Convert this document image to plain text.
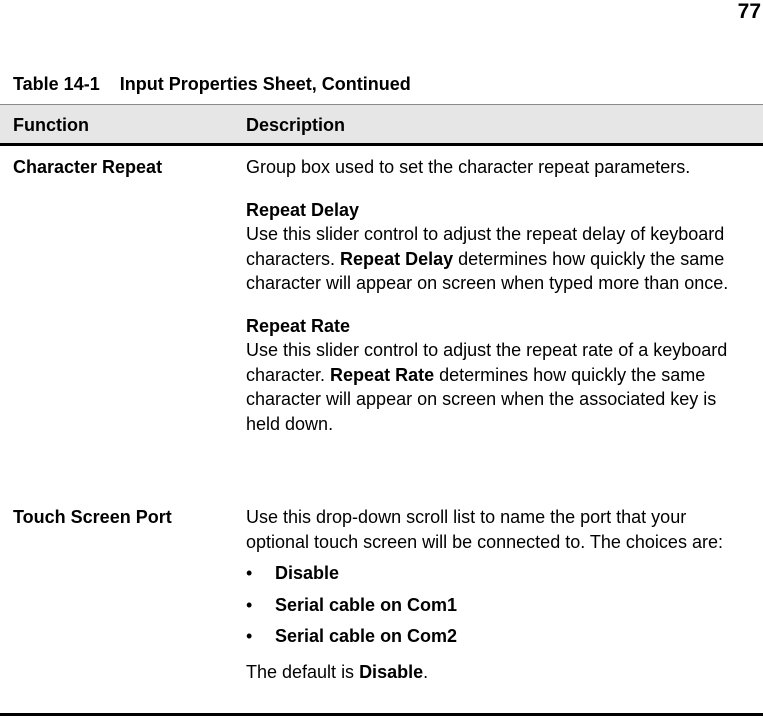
77
Table 14-1    Input Properties Sheet, Continued
Function	Description
Character Repeat	Group box used to set the character repeat parameters.

Repeat Delay

Use this slider control to adjust the repeat delay of keyboard characters. Repeat Delay determines how quickly the same character will appear on screen when typed more than once.

Repeat Rate

Use this slider control to adjust the repeat rate of a keyboard character. Repeat Rate determines how quickly the same character will appear on screen when the associated key is held down.

Touch Screen Port	Use this drop-down scroll list to name the port that your optional touch screen will be connected to. The choices are:

• Disable
• Serial cable on Com1
• Serial cable on Com2

The default is Disable.
